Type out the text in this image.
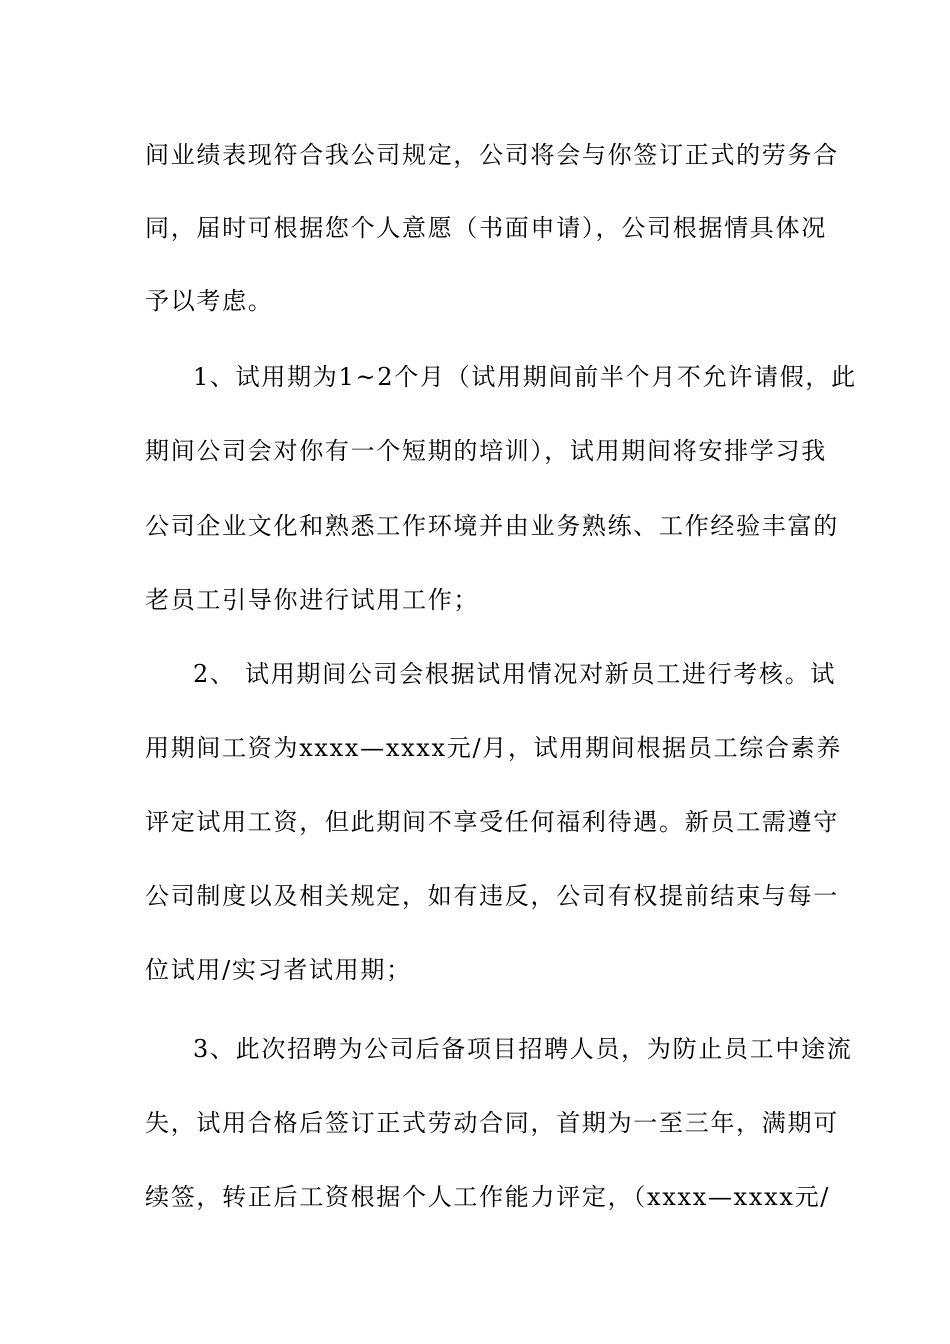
间业绩表现符合我公司规定，公司将会与你签订正式的劳务合
同，届时可根据您个人意愿（书面申请），公司根据情具体况
予以考虑。
1、试用期为1~2个月（试用期间前半个月不允许请假，此
期间公司会对你有一个短期的培训），试用期间将安排学习我
公司企业文化和熟悉工作环境并由业务熟练、工作经验丰富的
老员工引导你进行试用工作；
2、 试用期间公司会根据试用情况对新员工进行考核。试
用期间工资为xxxx—xxxx元/月，试用期间根据员工综合素养
评定试用工资，但此期间不享受任何福利待遇。新员工需遵守
公司制度以及相关规定，如有违反，公司有权提前结束与每一
位试用/实习者试用期；
3、此次招聘为公司后备项目招聘人员，为防止员工中途流
失，试用合格后签订正式劳动合同，首期为一至三年，满期可
续签，转正后工资根据个人工作能力评定，（xxxx—xxxx元/
